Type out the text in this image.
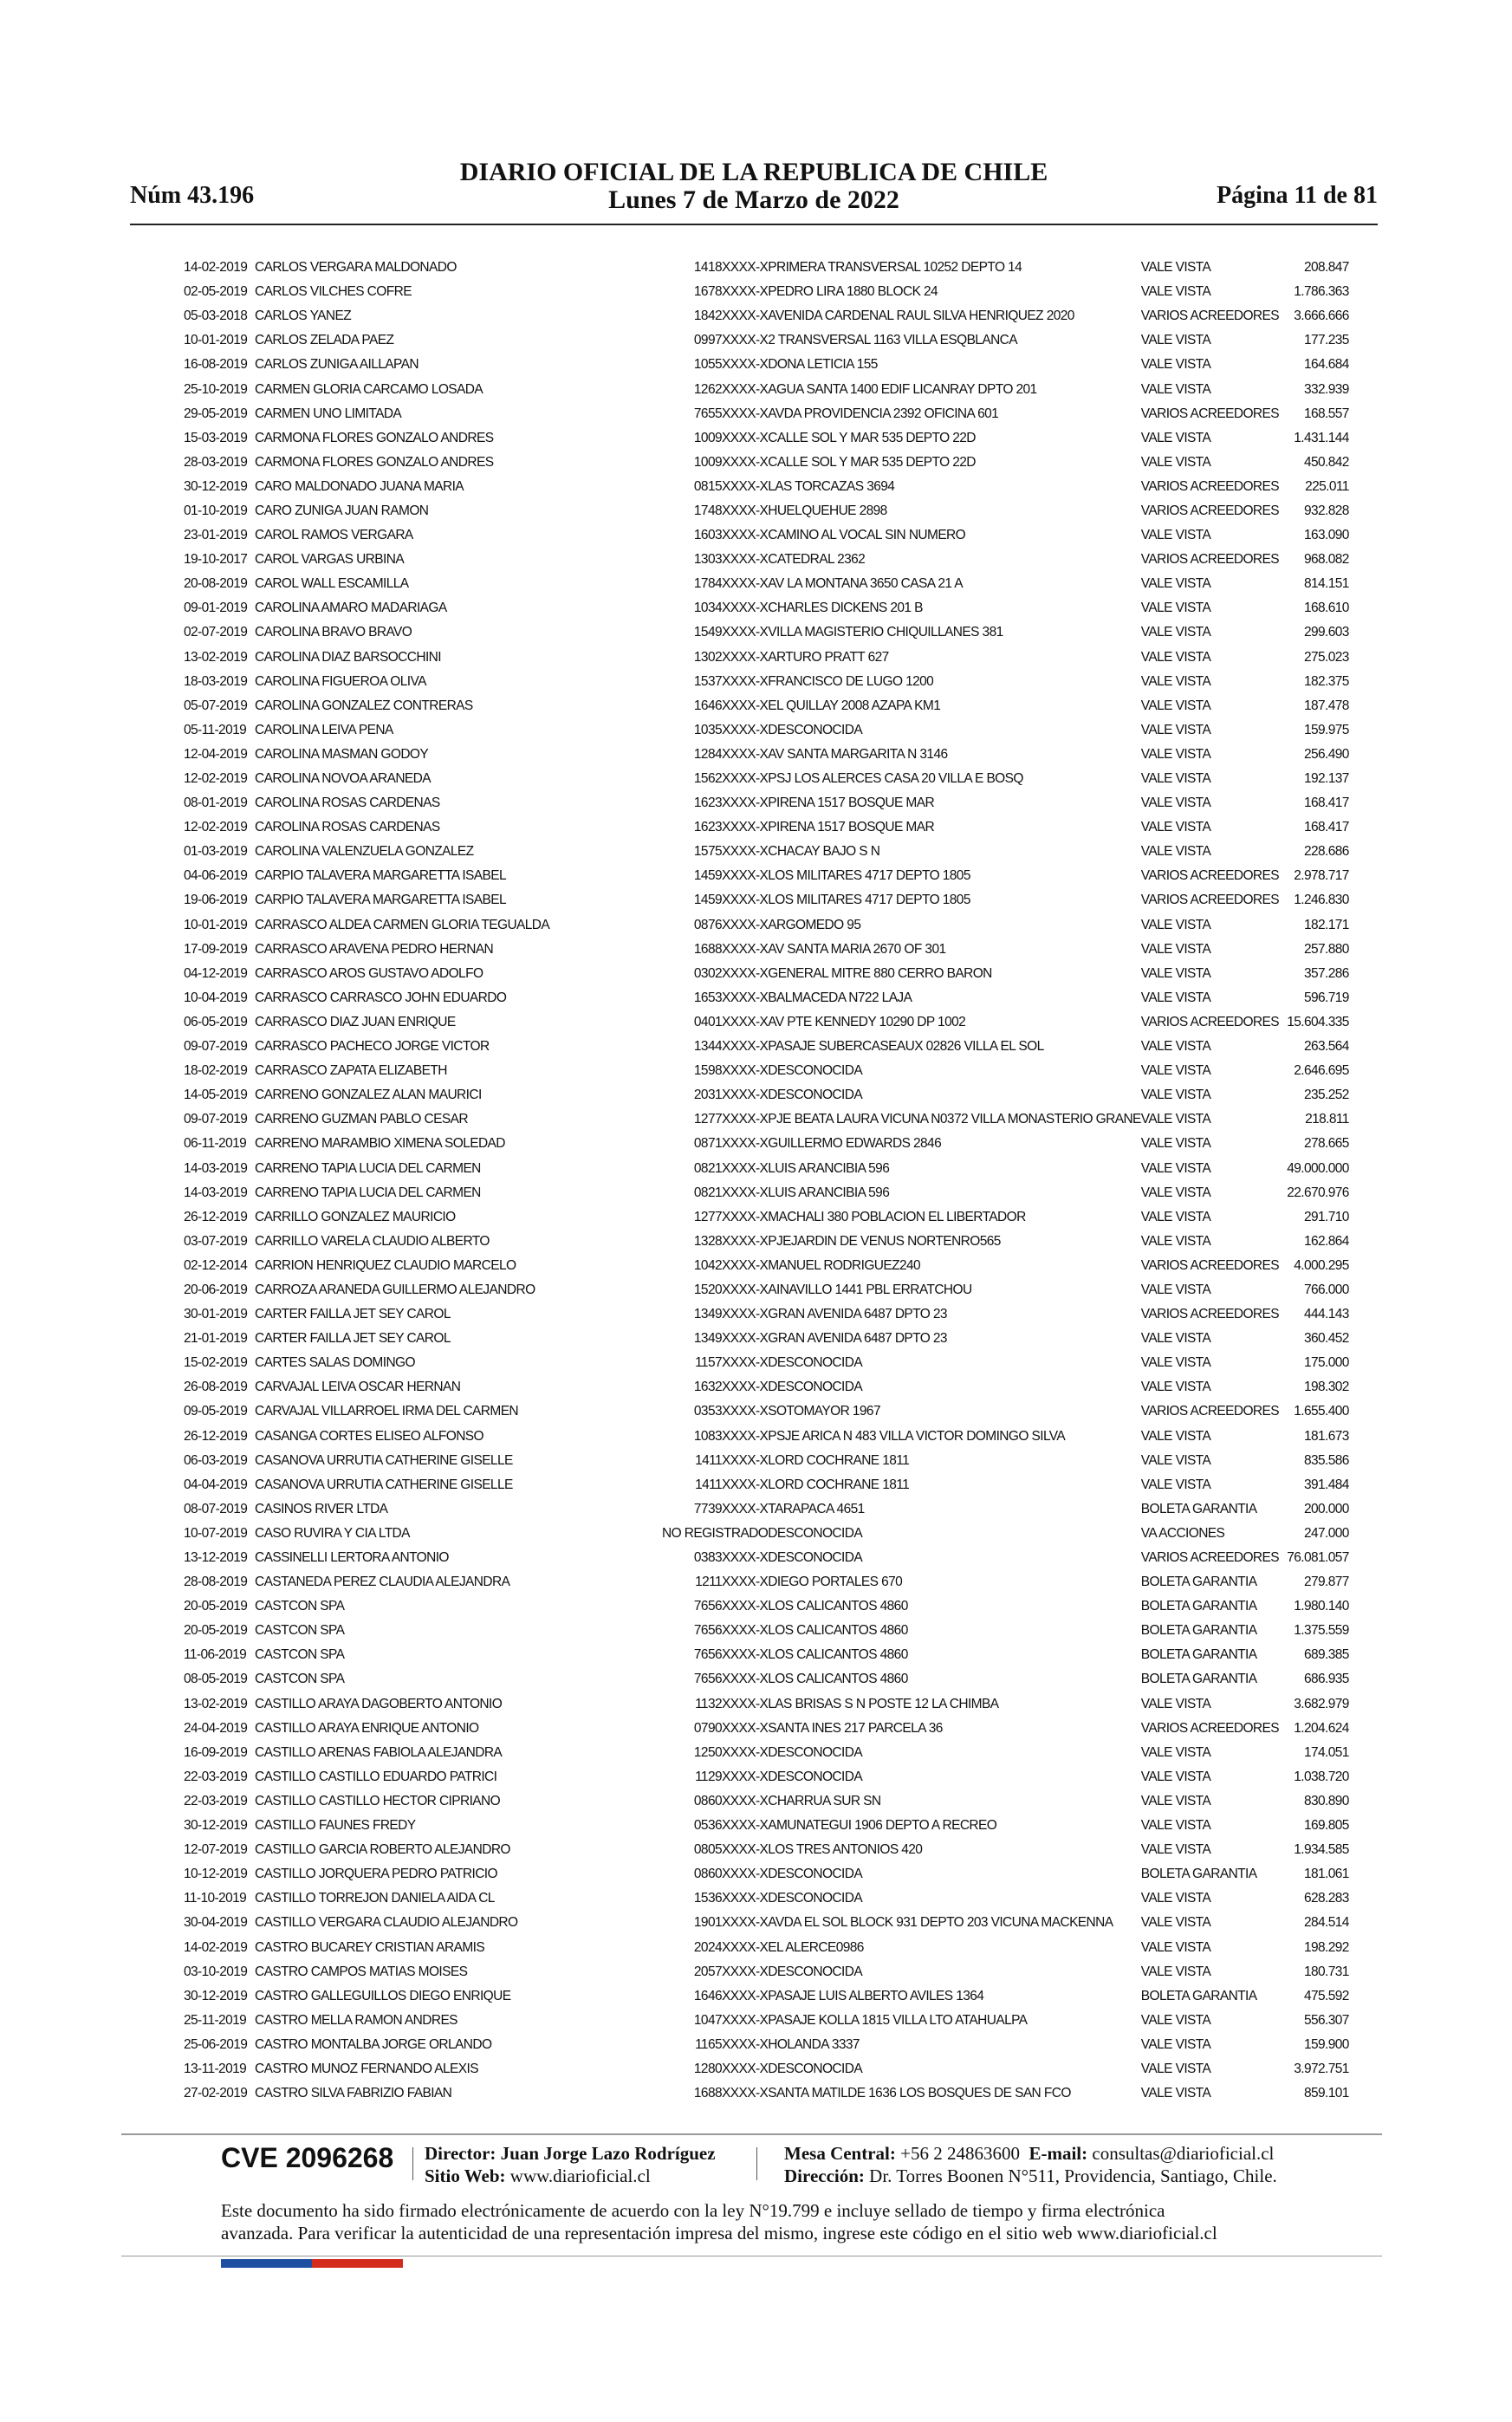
DIARIO OFICIAL DE LA REPUBLICA DE CHILE
Núm 43.196	Lunes 7 de Marzo de 2022	Página 11 de 81
14-02-2019	CARLOS VERGARA MALDONADO	1418XXXX-X	PRIMERA TRANSVERSAL 10252 DEPTO 14	VALE VISTA	208.847
02-05-2019	CARLOS VILCHES COFRE	1678XXXX-X	PEDRO LIRA 1880 BLOCK 24	VALE VISTA	1.786.363
05-03-2018	CARLOS YANEZ	1842XXXX-X	AVENIDA CARDENAL RAUL SILVA HENRIQUEZ 2020	VARIOS ACREEDORES	3.666.666
10-01-2019	CARLOS ZELADA PAEZ	0997XXXX-X	2 TRANSVERSAL 1163 VILLA ESQBLANCA	VALE VISTA	177.235
16-08-2019	CARLOS ZUNIGA AILLAPAN	1055XXXX-X	DONA LETICIA 155	VALE VISTA	164.684
25-10-2019	CARMEN GLORIA CARCAMO LOSADA	1262XXXX-X	AGUA SANTA 1400 EDIF LICANRAY DPTO 201	VALE VISTA	332.939
29-05-2019	CARMEN UNO LIMITADA	7655XXXX-X	AVDA PROVIDENCIA 2392 OFICINA 601	VARIOS ACREEDORES	168.557
15-03-2019	CARMONA FLORES GONZALO ANDRES	1009XXXX-X	CALLE SOL Y MAR 535 DEPTO 22D	VALE VISTA	1.431.144
28-03-2019	CARMONA FLORES GONZALO ANDRES	1009XXXX-X	CALLE SOL Y MAR 535 DEPTO 22D	VALE VISTA	450.842
30-12-2019	CARO MALDONADO JUANA MARIA	0815XXXX-X	LAS TORCAZAS 3694	VARIOS ACREEDORES	225.011
01-10-2019	CARO ZUNIGA JUAN RAMON	1748XXXX-X	HUELQUEHUE 2898	VARIOS ACREEDORES	932.828
23-01-2019	CAROL RAMOS VERGARA	1603XXXX-X	CAMINO AL VOCAL SIN NUMERO	VALE VISTA	163.090
19-10-2017	CAROL VARGAS URBINA	1303XXXX-X	CATEDRAL 2362	VARIOS ACREEDORES	968.082
20-08-2019	CAROL WALL ESCAMILLA	1784XXXX-X	AV LA MONTANA 3650 CASA 21 A	VALE VISTA	814.151
09-01-2019	CAROLINA AMARO MADARIAGA	1034XXXX-X	CHARLES DICKENS 201 B	VALE VISTA	168.610
02-07-2019	CAROLINA BRAVO BRAVO	1549XXXX-X	VILLA MAGISTERIO CHIQUILLANES 381	VALE VISTA	299.603
13-02-2019	CAROLINA DIAZ BARSOCCHINI	1302XXXX-X	ARTURO PRATT 627	VALE VISTA	275.023
18-03-2019	CAROLINA FIGUEROA OLIVA	1537XXXX-X	FRANCISCO DE LUGO 1200	VALE VISTA	182.375
05-07-2019	CAROLINA GONZALEZ CONTRERAS	1646XXXX-X	EL QUILLAY 2008 AZAPA KM1	VALE VISTA	187.478
05-11-2019	CAROLINA LEIVA PENA	1035XXXX-X	DESCONOCIDA	VALE VISTA	159.975
12-04-2019	CAROLINA MASMAN GODOY	1284XXXX-X	AV SANTA MARGARITA N 3146	VALE VISTA	256.490
12-02-2019	CAROLINA NOVOA ARANEDA	1562XXXX-X	PSJ LOS ALERCES CASA 20 VILLA E BOSQ	VALE VISTA	192.137
08-01-2019	CAROLINA ROSAS CARDENAS	1623XXXX-X	PIRENA 1517 BOSQUE MAR	VALE VISTA	168.417
12-02-2019	CAROLINA ROSAS CARDENAS	1623XXXX-X	PIRENA 1517 BOSQUE MAR	VALE VISTA	168.417
01-03-2019	CAROLINA VALENZUELA GONZALEZ	1575XXXX-X	CHACAY BAJO S N	VALE VISTA	228.686
04-06-2019	CARPIO TALAVERA MARGARETTA ISABEL	1459XXXX-X	LOS MILITARES 4717 DEPTO 1805	VARIOS ACREEDORES	2.978.717
19-06-2019	CARPIO TALAVERA MARGARETTA ISABEL	1459XXXX-X	LOS MILITARES 4717 DEPTO 1805	VARIOS ACREEDORES	1.246.830
10-01-2019	CARRASCO ALDEA CARMEN GLORIA TEGUALDA	0876XXXX-X	ARGOMEDO 95	VALE VISTA	182.171
17-09-2019	CARRASCO ARAVENA PEDRO HERNAN	1688XXXX-X	AV SANTA MARIA 2670 OF 301	VALE VISTA	257.880
04-12-2019	CARRASCO AROS GUSTAVO ADOLFO	0302XXXX-X	GENERAL MITRE 880 CERRO BARON	VALE VISTA	357.286
10-04-2019	CARRASCO CARRASCO JOHN EDUARDO	1653XXXX-X	BALMACEDA N722 LAJA	VALE VISTA	596.719
06-05-2019	CARRASCO DIAZ JUAN ENRIQUE	0401XXXX-X	AV PTE KENNEDY 10290 DP 1002	VARIOS ACREEDORES	15.604.335
09-07-2019	CARRASCO PACHECO JORGE VICTOR	1344XXXX-X	PASAJE SUBERCASEAUX 02826 VILLA EL SOL	VALE VISTA	263.564
18-02-2019	CARRASCO ZAPATA ELIZABETH	1598XXXX-X	DESCONOCIDA	VALE VISTA	2.646.695
14-05-2019	CARRENO GONZALEZ ALAN MAURICI	2031XXXX-X	DESCONOCIDA	VALE VISTA	235.252
09-07-2019	CARRENO GUZMAN PABLO CESAR	1277XXXX-X	PJE BEATA LAURA VICUNA N0372 VILLA MONASTERIO GRANE	VALE VISTA	218.811
06-11-2019	CARRENO MARAMBIO XIMENA SOLEDAD	0871XXXX-X	GUILLERMO EDWARDS 2846	VALE VISTA	278.665
14-03-2019	CARRENO TAPIA LUCIA DEL CARMEN	0821XXXX-X	LUIS ARANCIBIA 596	VALE VISTA	49.000.000
14-03-2019	CARRENO TAPIA LUCIA DEL CARMEN	0821XXXX-X	LUIS ARANCIBIA 596	VALE VISTA	22.670.976
26-12-2019	CARRILLO GONZALEZ MAURICIO	1277XXXX-X	MACHALI 380 POBLACION EL LIBERTADOR	VALE VISTA	291.710
03-07-2019	CARRILLO VARELA CLAUDIO ALBERTO	1328XXXX-X	PJEJARDIN DE VENUS NORTENRO565	VALE VISTA	162.864
02-12-2014	CARRION HENRIQUEZ CLAUDIO MARCELO	1042XXXX-X	MANUEL RODRIGUEZ240	VARIOS ACREEDORES	4.000.295
20-06-2019	CARROZA ARANEDA GUILLERMO ALEJANDRO	1520XXXX-X	AINAVILLO 1441 PBL ERRATCHOU	VALE VISTA	766.000
30-01-2019	CARTER FAILLA JET SEY CAROL	1349XXXX-X	GRAN AVENIDA 6487 DPTO 23	VARIOS ACREEDORES	444.143
21-01-2019	CARTER FAILLA JET SEY CAROL	1349XXXX-X	GRAN AVENIDA 6487 DPTO 23	VALE VISTA	360.452
15-02-2019	CARTES SALAS DOMINGO	1157XXXX-X	DESCONOCIDA	VALE VISTA	175.000
26-08-2019	CARVAJAL LEIVA OSCAR HERNAN	1632XXXX-X	DESCONOCIDA	VALE VISTA	198.302
09-05-2019	CARVAJAL VILLARROEL IRMA DEL CARMEN	0353XXXX-X	SOTOMAYOR 1967	VARIOS ACREEDORES	1.655.400
26-12-2019	CASANGA CORTES ELISEO ALFONSO	1083XXXX-X	PSJE ARICA N 483 VILLA VICTOR DOMINGO SILVA	VALE VISTA	181.673
06-03-2019	CASANOVA URRUTIA CATHERINE GISELLE	1411XXXX-X	LORD COCHRANE 1811	VALE VISTA	835.586
04-04-2019	CASANOVA URRUTIA CATHERINE GISELLE	1411XXXX-X	LORD COCHRANE 1811	VALE VISTA	391.484
08-07-2019	CASINOS RIVER LTDA	7739XXXX-X	TARAPACA 4651	BOLETA GARANTIA	200.000
10-07-2019	CASO RUVIRA Y CIA LTDA	NO REGISTRADO	DESCONOCIDA	VA ACCIONES	247.000
13-12-2019	CASSINELLI LERTORA ANTONIO	0383XXXX-X	DESCONOCIDA	VARIOS ACREEDORES	76.081.057
28-08-2019	CASTANEDA PEREZ CLAUDIA ALEJANDRA	1211XXXX-X	DIEGO PORTALES 670	BOLETA GARANTIA	279.877
20-05-2019	CASTCON SPA	7656XXXX-X	LOS CALICANTOS 4860	BOLETA GARANTIA	1.980.140
20-05-2019	CASTCON SPA	7656XXXX-X	LOS CALICANTOS 4860	BOLETA GARANTIA	1.375.559
11-06-2019	CASTCON SPA	7656XXXX-X	LOS CALICANTOS 4860	BOLETA GARANTIA	689.385
08-05-2019	CASTCON SPA	7656XXXX-X	LOS CALICANTOS 4860	BOLETA GARANTIA	686.935
13-02-2019	CASTILLO ARAYA DAGOBERTO ANTONIO	1132XXXX-X	LAS BRISAS S N POSTE 12 LA CHIMBA	VALE VISTA	3.682.979
24-04-2019	CASTILLO ARAYA ENRIQUE ANTONIO	0790XXXX-X	SANTA INES 217 PARCELA 36	VARIOS ACREEDORES	1.204.624
16-09-2019	CASTILLO ARENAS FABIOLA ALEJANDRA	1250XXXX-X	DESCONOCIDA	VALE VISTA	174.051
22-03-2019	CASTILLO CASTILLO EDUARDO PATRICI	1129XXXX-X	DESCONOCIDA	VALE VISTA	1.038.720
22-03-2019	CASTILLO CASTILLO HECTOR CIPRIANO	0860XXXX-X	CHARRUA SUR SN	VALE VISTA	830.890
30-12-2019	CASTILLO FAUNES FREDY	0536XXXX-X	AMUNATEGUI 1906 DEPTO A RECREO	VALE VISTA	169.805
12-07-2019	CASTILLO GARCIA ROBERTO ALEJANDRO	0805XXXX-X	LOS TRES ANTONIOS 420	VALE VISTA	1.934.585
10-12-2019	CASTILLO JORQUERA PEDRO PATRICIO	0860XXXX-X	DESCONOCIDA	BOLETA GARANTIA	181.061
11-10-2019	CASTILLO TORREJON DANIELA AIDA CL	1536XXXX-X	DESCONOCIDA	VALE VISTA	628.283
30-04-2019	CASTILLO VERGARA CLAUDIO ALEJANDRO	1901XXXX-X	AVDA EL SOL BLOCK 931 DEPTO 203 VICUNA MACKENNA	VALE VISTA	284.514
14-02-2019	CASTRO BUCAREY CRISTIAN ARAMIS	2024XXXX-X	EL ALERCE0986	VALE VISTA	198.292
03-10-2019	CASTRO CAMPOS MATIAS MOISES	2057XXXX-X	DESCONOCIDA	VALE VISTA	180.731
30-12-2019	CASTRO GALLEGUILLOS DIEGO ENRIQUE	1646XXXX-X	PASAJE LUIS ALBERTO AVILES 1364	BOLETA GARANTIA	475.592
25-11-2019	CASTRO MELLA RAMON ANDRES	1047XXXX-X	PASAJE KOLLA 1815 VILLA LTO ATAHUALPA	VALE VISTA	556.307
25-06-2019	CASTRO MONTALBA JORGE ORLANDO	1165XXXX-X	HOLANDA 3337	VALE VISTA	159.900
13-11-2019	CASTRO MUNOZ FERNANDO ALEXIS	1280XXXX-X	DESCONOCIDA	VALE VISTA	3.972.751
27-02-2019	CASTRO SILVA FABRIZIO FABIAN	1688XXXX-X	SANTA MATILDE 1636 LOS BOSQUES DE SAN FCO	VALE VISTA	859.101
CVE 2096268 Director: Juan Jorge Lazo Rodríguez
Sitio Web: www.diarioficial.cl
Mesa Central: +56 2 24863600 E-mail: consultas@diarioficial.cl
Dirección: Dr. Torres Boonen N°511, Providencia, Santiago, Chile.
Este documento ha sido firmado electrónicamente de acuerdo con la ley N°19.799 e incluye sellado de tiempo y firma electrónica
avanzada. Para verificar la autenticidad de una representación impresa del mismo, ingrese este código en el sitio web www.diarioficial.cl
